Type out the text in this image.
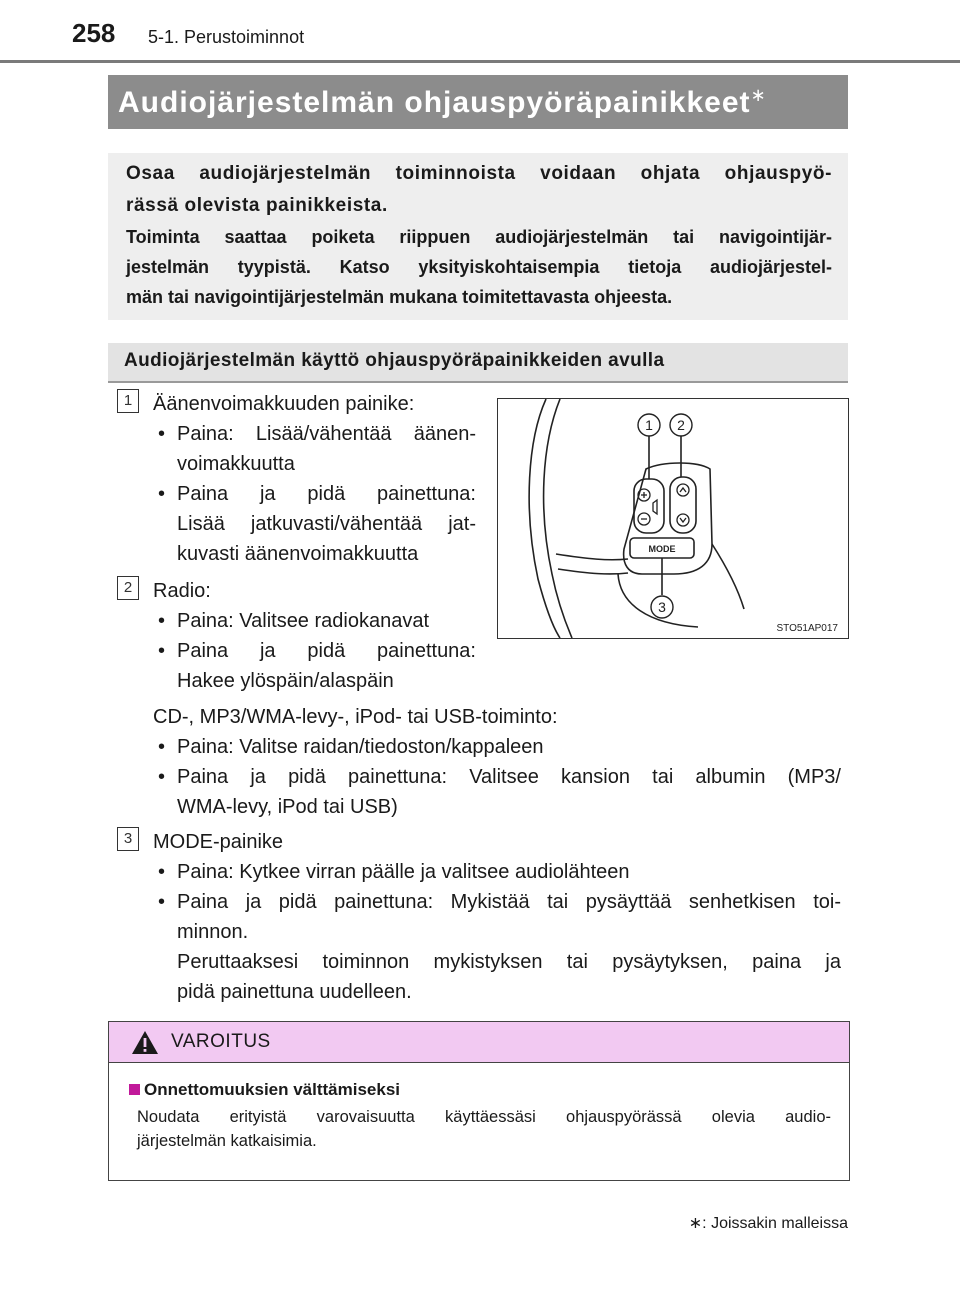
258 5-1. Perustoiminnot
Audiojärjestelmän ohjauspyöräpainikkeet∗
Osaa audiojärjestelmän toiminnoista voidaan ohjata ohjauspyö-
rässä olevista painikkeista.
Toiminta saattaa poiketa riippuen audiojärjestelmän tai navigointijär-
jestelmän tyypistä. Katso yksityiskohtaisempia tietoja audiojärjestel-
män tai navigointijärjestelmän mukana toimitettavasta ohjeesta.
Audiojärjestelmän käyttö ohjauspyöräpainikkeiden avulla
1	Äänenvoimakkuuden painike:
• Paina: Lisää/vähentää äänen-
voimakkuutta
• Paina ja pidä painettuna:
Lisää jatkuvasti/vähentää jat-
kuvasti äänenvoimakkuutta
2	Radio:
• Paina: Valitsee radiokanavat
• Paina ja pidä painettuna:
Hakee ylöspäin/alaspäin
CD-, MP3/WMA-levy-, iPod- tai USB-toiminto:
• Paina: Valitse raidan/tiedoston/kappaleen
• Paina ja pidä painettuna: Valitsee kansion tai albumin (MP3/
WMA-levy, iPod tai USB)
3	MODE-painike
• Paina: Kytkee virran päälle ja valitsee audiolähteen
• Paina ja pidä painettuna: Mykistää tai pysäyttää senhetkisen toi-
minnon.
Peruttaaksesi toiminnon mykistyksen tai pysäytyksen, paina ja
pidä painettuna uudelleen.
MODE
1 2
3
STO51AP017
VAROITUS
Onnettomuuksien välttämiseksi
Noudata erityistä varovaisuutta käyttäessäsi ohjauspyörässä olevia audio-
järjestelmän katkaisimia.
∗: Joissakin malleissa
